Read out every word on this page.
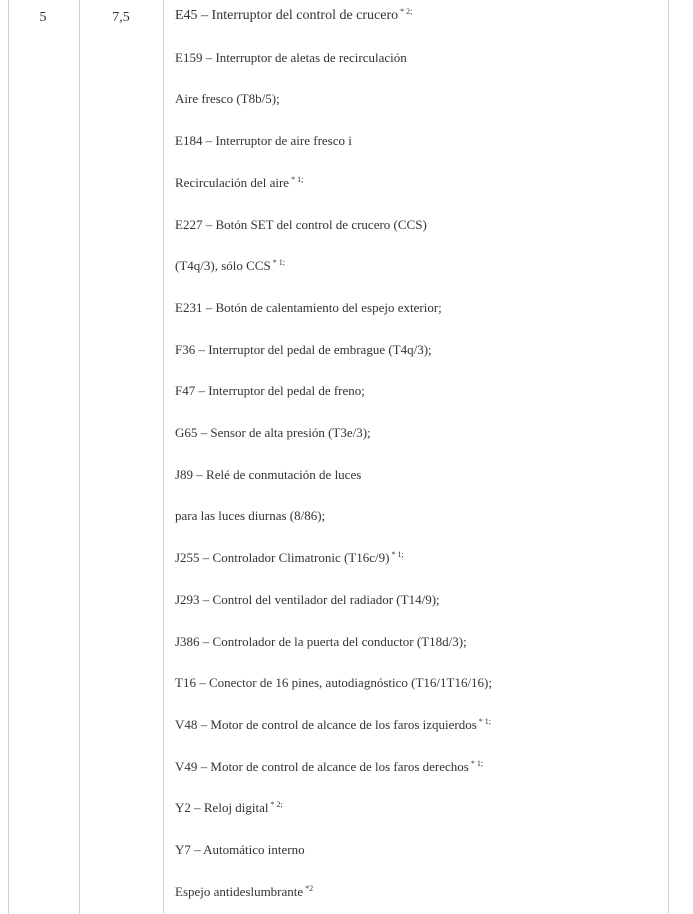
5	7,5	E45 – Interruptor del control de crucero $^{* 2;}$
E159 – Interruptor de aletas de recirculación
Aire fresco (T8b/5);
E184 – Interruptor de aire fresco i
Recirculación del aire $^{* 1;}$
E227 – Botón SET del control de crucero (CCS)
(T4q/3), sólo CCS $^{* 1;}$
E231 – Botón de calentamiento del espejo exterior;
F36 – Interruptor del pedal de embrague (T4q/3);
F47 – Interruptor del pedal de freno;
G65 – Sensor de alta presión (T3e/3);
J89 – Relé de conmutación de luces
para las luces diurnas (8/86);
J255 – Controlador Climatronic (T16c/9) $^{* 1;}$
J293 – Control del ventilador del radiador (T14/9);
J386 – Controlador de la puerta del conductor (T18d/3);
T16 – Conector de 16 pines, autodiagnóstico (T16/1T16/16);
V48 – Motor de control de alcance de los faros izquierdos $^{* 1;}$
V49 – Motor de control de alcance de los faros derechos $^{* 1;}$
Y2 – Reloj digital $^{* 2;}$
Y7 – Automático interno
Espejo antideslumbrante $^{*2}$
